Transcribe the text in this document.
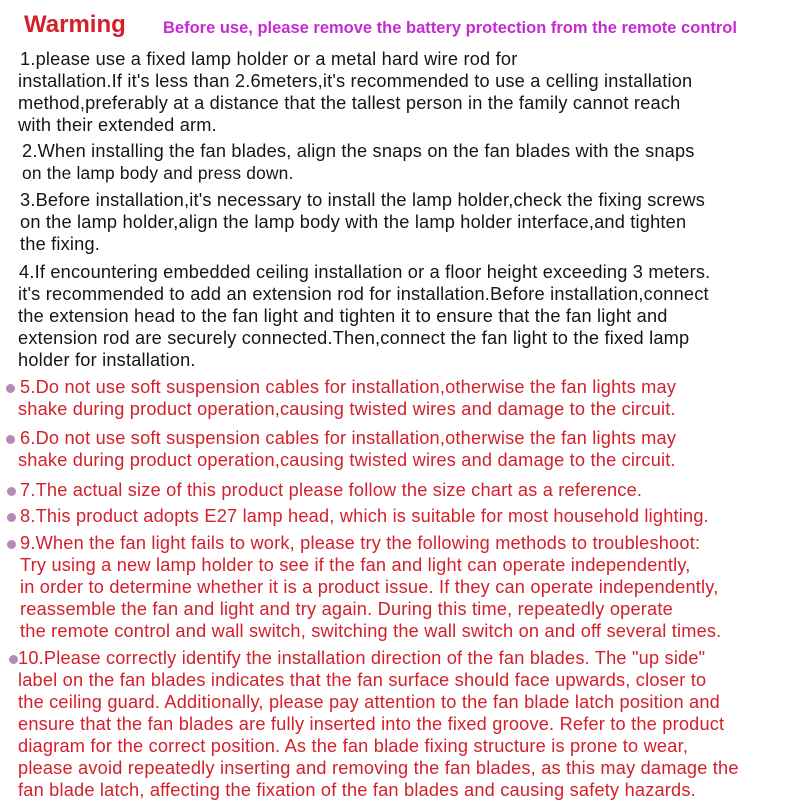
Warming Before use, please remove the battery protection from the remote control
1.please use a fixed lamp holder or a metal hard wire rod for
installation.If it's less than 2.6meters,it's recommended to use a celling installation
method,preferably at a distance that the tallest person in the family cannot reach
with their extended arm.
2.When installing the fan blades, align the snaps on the fan blades with the snaps
on the lamp body and press down.
3.Before installation,it's necessary to install the lamp holder,check the fixing screws
on the lamp holder,align the lamp body with the lamp holder interface,and tighten
the fixing.
4.If encountering embedded ceiling installation or a floor height exceeding 3 meters.
it's recommended to add an extension rod for installation.Before installation,connect
the extension head to the fan light and tighten it to ensure that the fan light and
extension rod are securely connected.Then,connect the fan light to the fixed lamp
holder for installation.
5.Do not use soft suspension cables for installation,otherwise the fan lights may
shake during product operation,causing twisted wires and damage to the circuit.
6.Do not use soft suspension cables for installation,otherwise the fan lights may
shake during product operation,causing twisted wires and damage to the circuit.
7.The actual size of this product please follow the size chart as a reference.
8.This product adopts E27 lamp head, which is suitable for most household lighting.
9.When the fan light fails to work, please try the following methods to troubleshoot:
Try using a new lamp holder to see if the fan and light can operate independently,
in order to determine whether it is a product issue. If they can operate independently,
reassemble the fan and light and try again. During this time, repeatedly operate
the remote control and wall switch, switching the wall switch on and off several times.
10.Please correctly identify the installation direction of the fan blades. The "up side"
label on the fan blades indicates that the fan surface should face upwards, closer to
the ceiling guard. Additionally, please pay attention to the fan blade latch position and
ensure that the fan blades are fully inserted into the fixed groove. Refer to the product
diagram for the correct position. As the fan blade fixing structure is prone to wear,
please avoid repeatedly inserting and removing the fan blades, as this may damage the
fan blade latch, affecting the fixation of the fan blades and causing safety hazards.
